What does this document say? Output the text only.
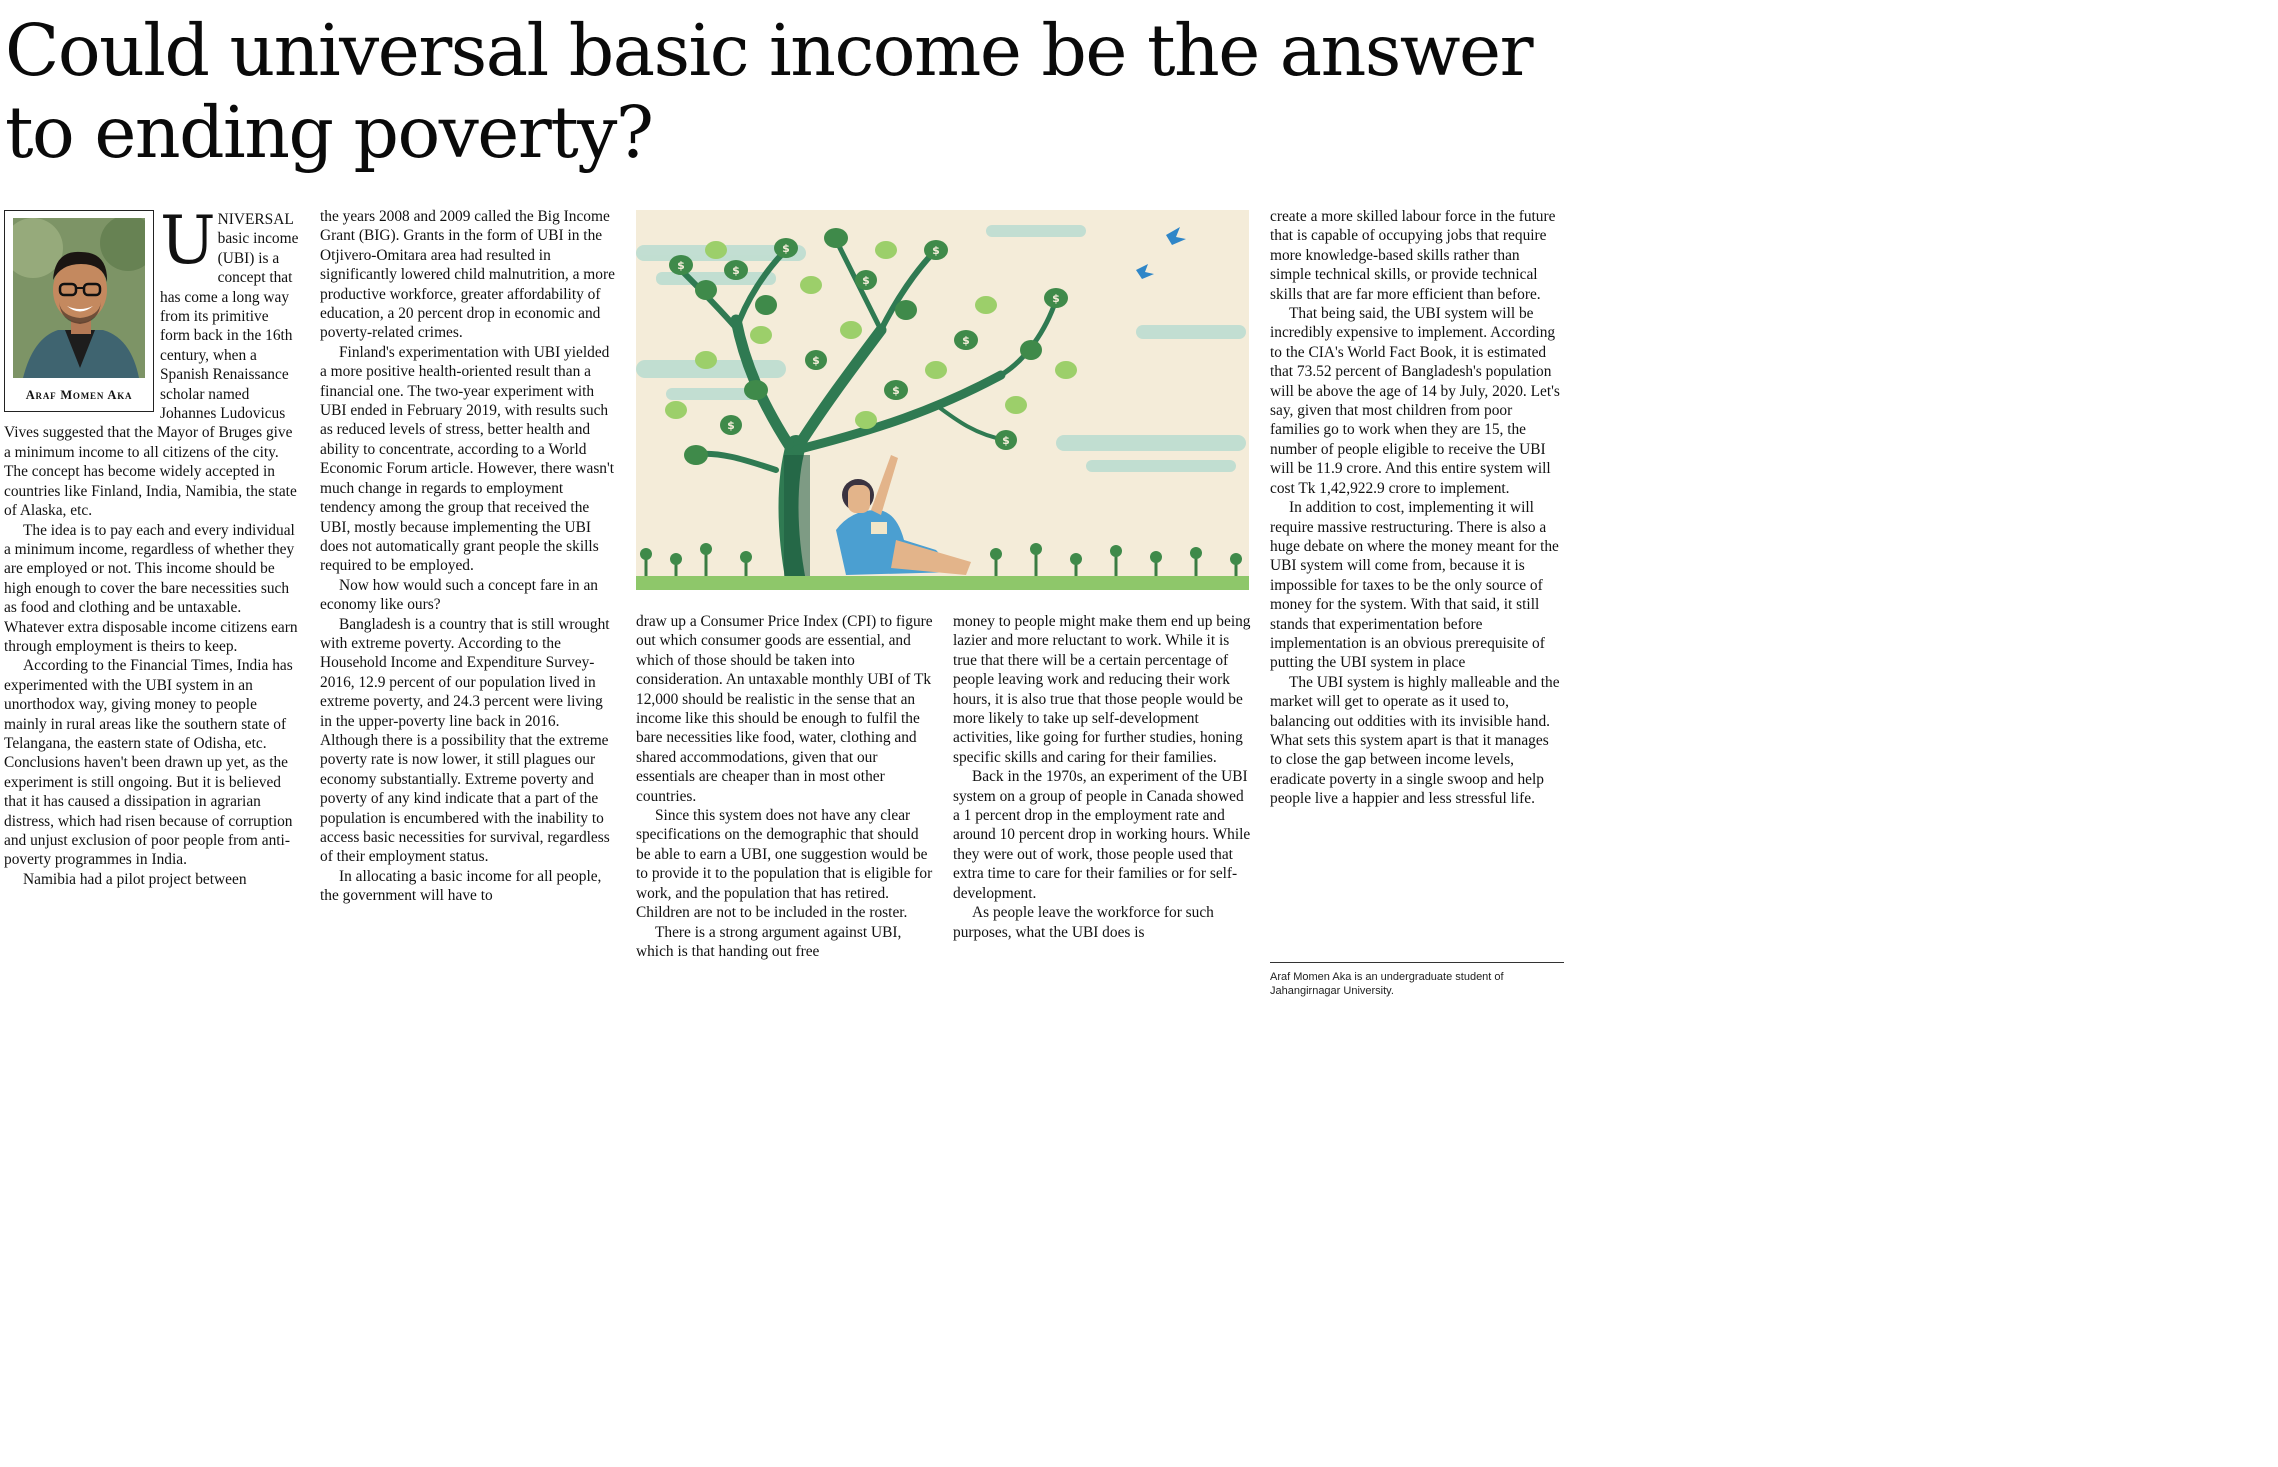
Could universal basic income be the answer to ending poverty?
Araf Momen Aka
U NIVERSAL basic income (UBI) is a concept that has come a long way from its primitive form back in the 16th century, when a Spanish Renaissance scholar named Johannes Ludovicus Vives suggested that the Mayor of Bruges give a minimum income to all citizens of the city. The concept has become widely accepted in countries like Finland, India, Namibia, the state of Alaska, etc.

The idea is to pay each and every individual a minimum income, regardless of whether they are employed or not. This income should be high enough to cover the bare necessities such as food and clothing and be untaxable. Whatever extra disposable income citizens earn through employment is theirs to keep.

According to the Financial Times, India has experimented with the UBI system in an unorthodox way, giving money to people mainly in rural areas like the southern state of Telangana, the eastern state of Odisha, etc. Conclusions haven't been drawn up yet, as the experiment is still ongoing. But it is believed that it has caused a dissipation in agrarian distress, which had risen because of corruption and unjust exclusion of poor people from anti-poverty programmes in India.

Namibia had a pilot project between

the years 2008 and 2009 called the Big Income Grant (BIG). Grants in the form of UBI in the Otjivero-Omitara area had resulted in significantly lowered child malnutrition, a more productive workforce, greater affordability of education, a 20 percent drop in economic and poverty-related crimes.

Finland's experimentation with UBI yielded a more positive health-oriented result than a financial one. The two-year experiment with UBI ended in February 2019, with results such as reduced levels of stress, better health and ability to concentrate, according to a World Economic Forum article. However, there wasn't much change in regards to employment tendency among the group that received the UBI, mostly because implementing the UBI does not automatically grant people the skills required to be employed.

Now how would such a concept fare in an economy like ours?

Bangladesh is a country that is still wrought with extreme poverty. According to the Household Income and Expenditure Survey- 2016, 12.9 percent of our population lived in extreme poverty, and 24.3 percent were living in the upper-poverty line back in 2016. Although there is a possibility that the extreme poverty rate is now lower, it still plagues our economy substantially. Extreme poverty and poverty of any kind indicate that a part of the population is encumbered with the inability to access basic necessities for survival, regardless of their employment status.

In allocating a basic income for all people, the government will have to

$	$
$
$
$
$
$
$
$
$
$

draw up a Consumer Price Index (CPI) to figure out which consumer goods are essential, and which of those should be taken into consideration. An untaxable monthly UBI of Tk 12,000 should be realistic in the sense that an income like this should be enough to fulfil the bare necessities like food, water, clothing and shared accommodations, given that our essentials are cheaper than in most other countries.

Since this system does not have any clear specifications on the demographic that should be able to earn a UBI, one suggestion would be to provide it to the population that is eligible for work, and the population that has retired. Children are not to be included in the roster.

There is a strong argument against UBI, which is that handing out free

money to people might make them end up being lazier and more reluctant to work. While it is true that there will be a certain percentage of people leaving work and reducing their work hours, it is also true that those people would be more likely to take up self-development activities, like going for further studies, honing specific skills and caring for their families.

Back in the 1970s, an experiment of the UBI system on a group of people in Canada showed a 1 percent drop in the employment rate and around 10 percent drop in working hours. While they were out of work, those people used that extra time to care for their families or for self-development.

As people leave the workforce for such purposes, what the UBI does is

create a more skilled labour force in the future that is capable of occupying jobs that require more knowledge-based skills rather than simple technical skills, or provide technical skills that are far more efficient than before.

That being said, the UBI system will be incredibly expensive to implement. According to the CIA's World Fact Book, it is estimated that 73.52 percent of Bangladesh's population will be above the age of 14 by July, 2020. Let's say, given that most children from poor families go to work when they are 15, the number of people eligible to receive the UBI will be 11.9 crore. And this entire system will cost Tk 1,42,922.9 crore to implement.

In addition to cost, implementing it will require massive restructuring. There is also a huge debate on where the money meant for the UBI system will come from, because it is impossible for taxes to be the only source of money for the system. With that said, it still stands that experimentation before implementation is an obvious prerequisite of putting the UBI system in place

The UBI system is highly malleable and the market will get to operate as it used to, balancing out oddities with its invisible hand. What sets this system apart is that it manages to close the gap between income levels, eradicate poverty in a single swoop and help people live a happier and less stressful life.

Araf Momen Aka is an undergraduate student of Jahangirnagar University.
